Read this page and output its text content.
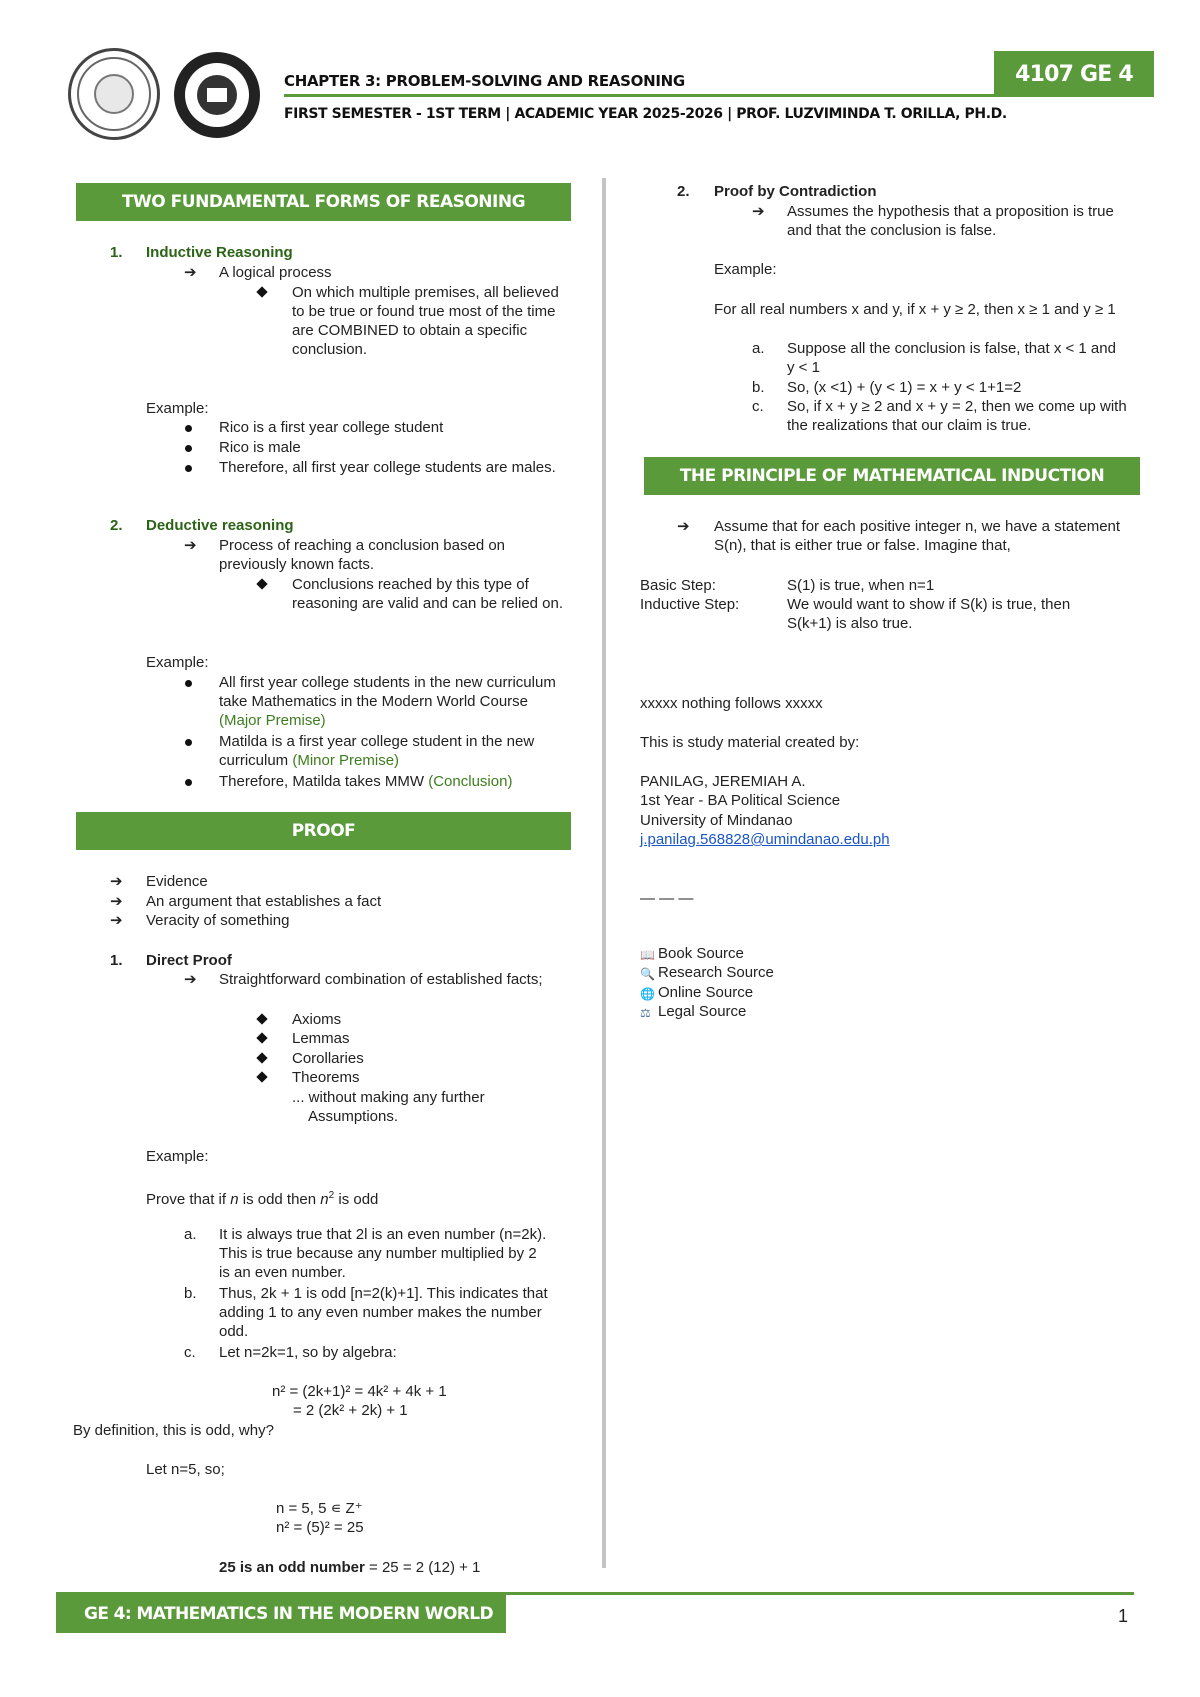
CHAPTER 3: PROBLEM-SOLVING AND REASONING	4107 GE 4
FIRST SEMESTER - 1ST TERM | ACADEMIC YEAR 2025-2026 | PROF. LUZVIMINDA T. ORILLA, PH.D.
TWO FUNDAMENTAL FORMS OF REASONING
1. Inductive Reasoning
➔ A logical process
On which multiple premises, all believed to be true or found true most of the time are COMBINED to obtain a specific conclusion.
Example:
Rico is a first year college student
Rico is male
Therefore, all first year college students are males.
2. Deductive reasoning
➔ Process of reaching a conclusion based on previously known facts.
Conclusions reached by this type of reasoning are valid and can be relied on.
Example:
All first year college students in the new curriculum take Mathematics in the Modern World Course (Major Premise)
Matilda is a first year college student in the new curriculum (Minor Premise)
Therefore, Matilda takes MMW (Conclusion)
PROOF
➔ Evidence
➔ An argument that establishes a fact
➔ Veracity of something
1. Direct Proof
➔ Straightforward combination of established facts;
Axioms
Lemmas
Corollaries
Theorems
... without making any further
Assumptions.
Example:
Prove that if n is odd then $n^2$ is odd
a. It is always true that 2l is an even number (n=2k). This is true because any number multiplied by 2 is an even number.
b. Thus, 2k + 1 is odd [n=2(k)+1]. This indicates that adding 1 to any even number makes the number odd.
c. Let n=2k=1, so by algebra:
n² = (2k+1)² = 4k² + 4k + 1
= 2 (2k² + 2k) + 1
By definition, this is odd, why?
Let n=5, so;
n = 5, 5 ∊ Z⁺
n² = (5)² = 25
25 is an odd number = 25 = 2 (12) + 1
2. Proof by Contradiction
➔ Assumes the hypothesis that a proposition is true and that the conclusion is false.
Example:
For all real numbers x and y, if x + y ≥ 2, then x ≥ 1 and y ≥ 1
a. Suppose all the conclusion is false, that x < 1 and y < 1
b. So, (x <1) + (y < 1) = x + y < 1+1=2
c. So, if x + y ≥ 2 and x + y = 2, then we come up with the realizations that our claim is true.
THE PRINCIPLE OF MATHEMATICAL INDUCTION
➔ Assume that for each positive integer n, we have a statement S(n), that is either true or false. Imagine that,
Basic Step:	S(1) is true, when n=1
Inductive Step:	We would want to show if S(k) is true, then S(k+1) is also true.
xxxxx nothing follows xxxxx
This is study material created by:
PANILAG, JEREMIAH A.
1st Year - BA Political Science
University of Mindanao
j.panilag.568828@umindanao.edu.ph
— — —
📖 Book Source
🔍 Research Source
🌐 Online Source
⚖ Legal Source
GE 4: MATHEMATICS IN THE MODERN WORLD	1
